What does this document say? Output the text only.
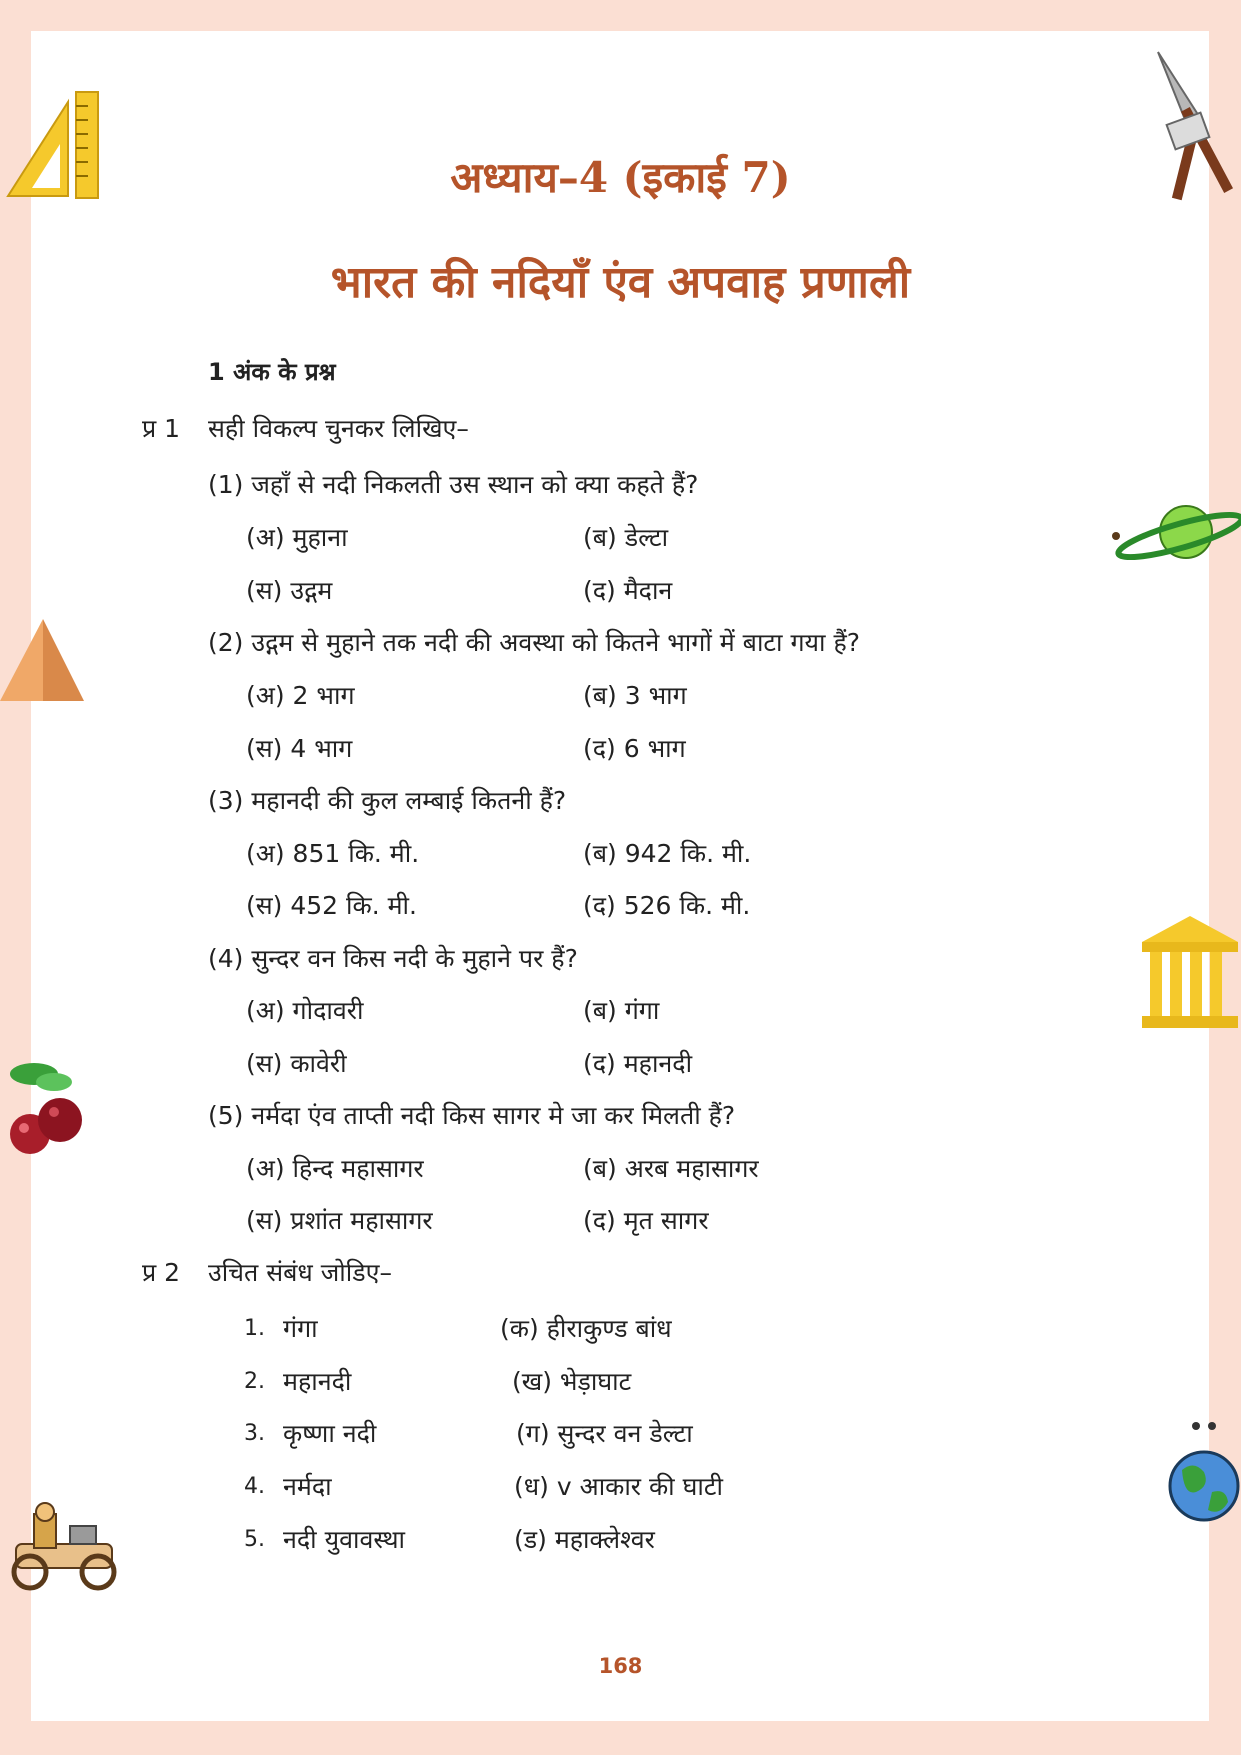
अध्याय–4 (इकाई 7)
भारत की नदियाँ एंव अपवाह प्रणाली
1 अंक के प्रश्न
प्र 1 सही विकल्प चुनकर लिखिए–
(1) जहाँ से नदी निकलती उस स्थान को क्या कहते हैं?
(अ) मुहाना	(ब) डेल्टा
(स) उद्गम	(द) मैदान
(2) उद्गम से मुहाने तक नदी की अवस्था को कितने भागों में बाटा गया हैं?
(अ) 2 भाग	(ब) 3 भाग
(स) 4 भाग	(द) 6 भाग
(3) महानदी की कुल लम्बाई कितनी हैं?
(अ) 851 कि. मी.	(ब) 942 कि. मी.
(स) 452 कि. मी.	(द) 526 कि. मी.
(4) सुन्दर वन किस नदी के मुहाने पर हैं?
(अ) गोदावरी	(ब) गंगा
(स) कावेरी	(द) महानदी
(5) नर्मदा एंव ताप्ती नदी किस सागर मे जा कर मिलती हैं?
(अ) हिन्द महासागर	(ब) अरब महासागर
(स) प्रशांत महासागर	(द) मृत सागर
प्र 2 उचित संबंध जोडिए–
1. गंगा	(क) हीराकुण्ड बांध
2. महानदी	(ख) भेड़ाघाट
3. कृष्णा नदी	(ग) सुन्दर वन डेल्टा
4. नर्मदा	(ध) v आकार की घाटी
5. नदी युवावस्था	(ड) महाक्लेश्वर
168
